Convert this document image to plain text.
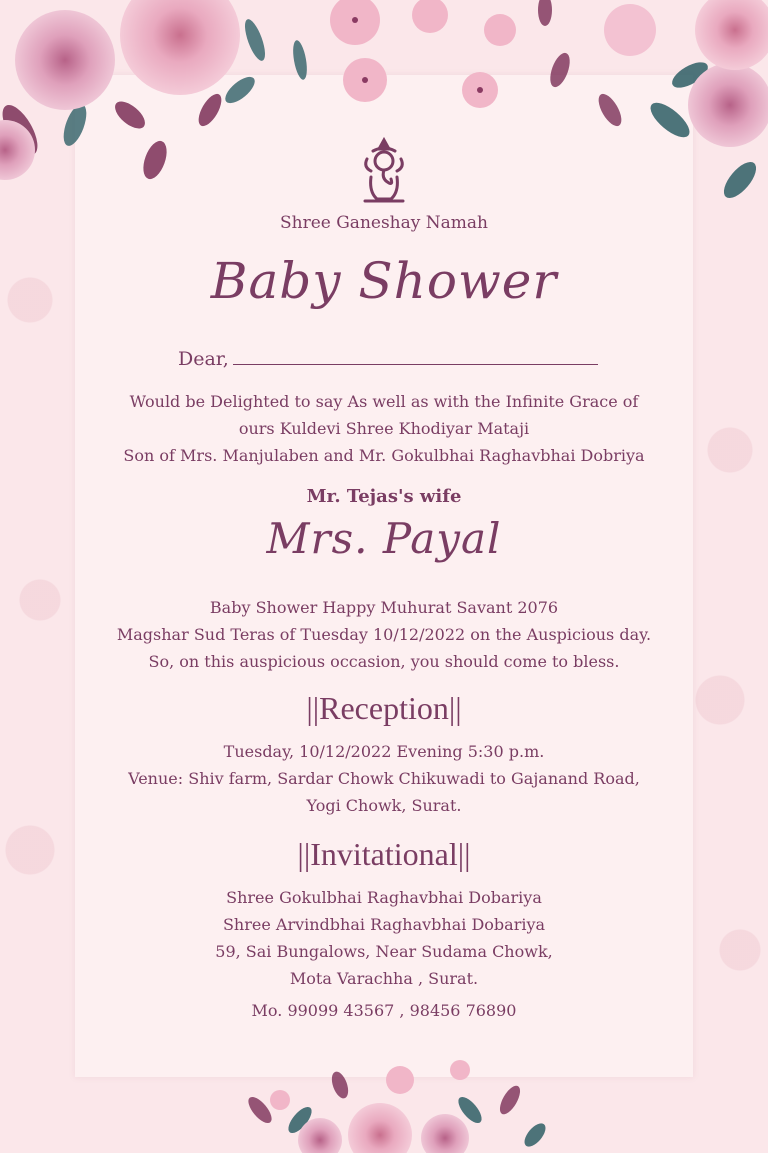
Shree Ganeshay Namah

Baby Shower

Dear,

Would be Delighted to say As well as with the Infinite Grace of

ours Kuldevi Shree Khodiyar Mataji

Son of Mrs. Manjulaben and Mr. Gokulbhai Raghavbhai Dobriya

Mr. Tejas's wife

Mrs. Payal

Baby Shower Happy Muhurat Savant 2076

Magshar Sud Teras of Tuesday 10/12/2022 on the Auspicious day.

So, on this auspicious occasion, you should come to bless.

||Reception||

Tuesday, 10/12/2022 Evening 5:30 p.m.

Venue: Shiv farm, Sardar Chowk Chikuwadi to Gajanand Road,

Yogi Chowk, Surat.

||Invitational||

Shree Gokulbhai Raghavbhai Dobariya

Shree Arvindbhai Raghavbhai Dobariya

59, Sai Bungalows, Near Sudama Chowk,

Mota Varachha , Surat.

Mo. 99099 43567 , 98456 76890
